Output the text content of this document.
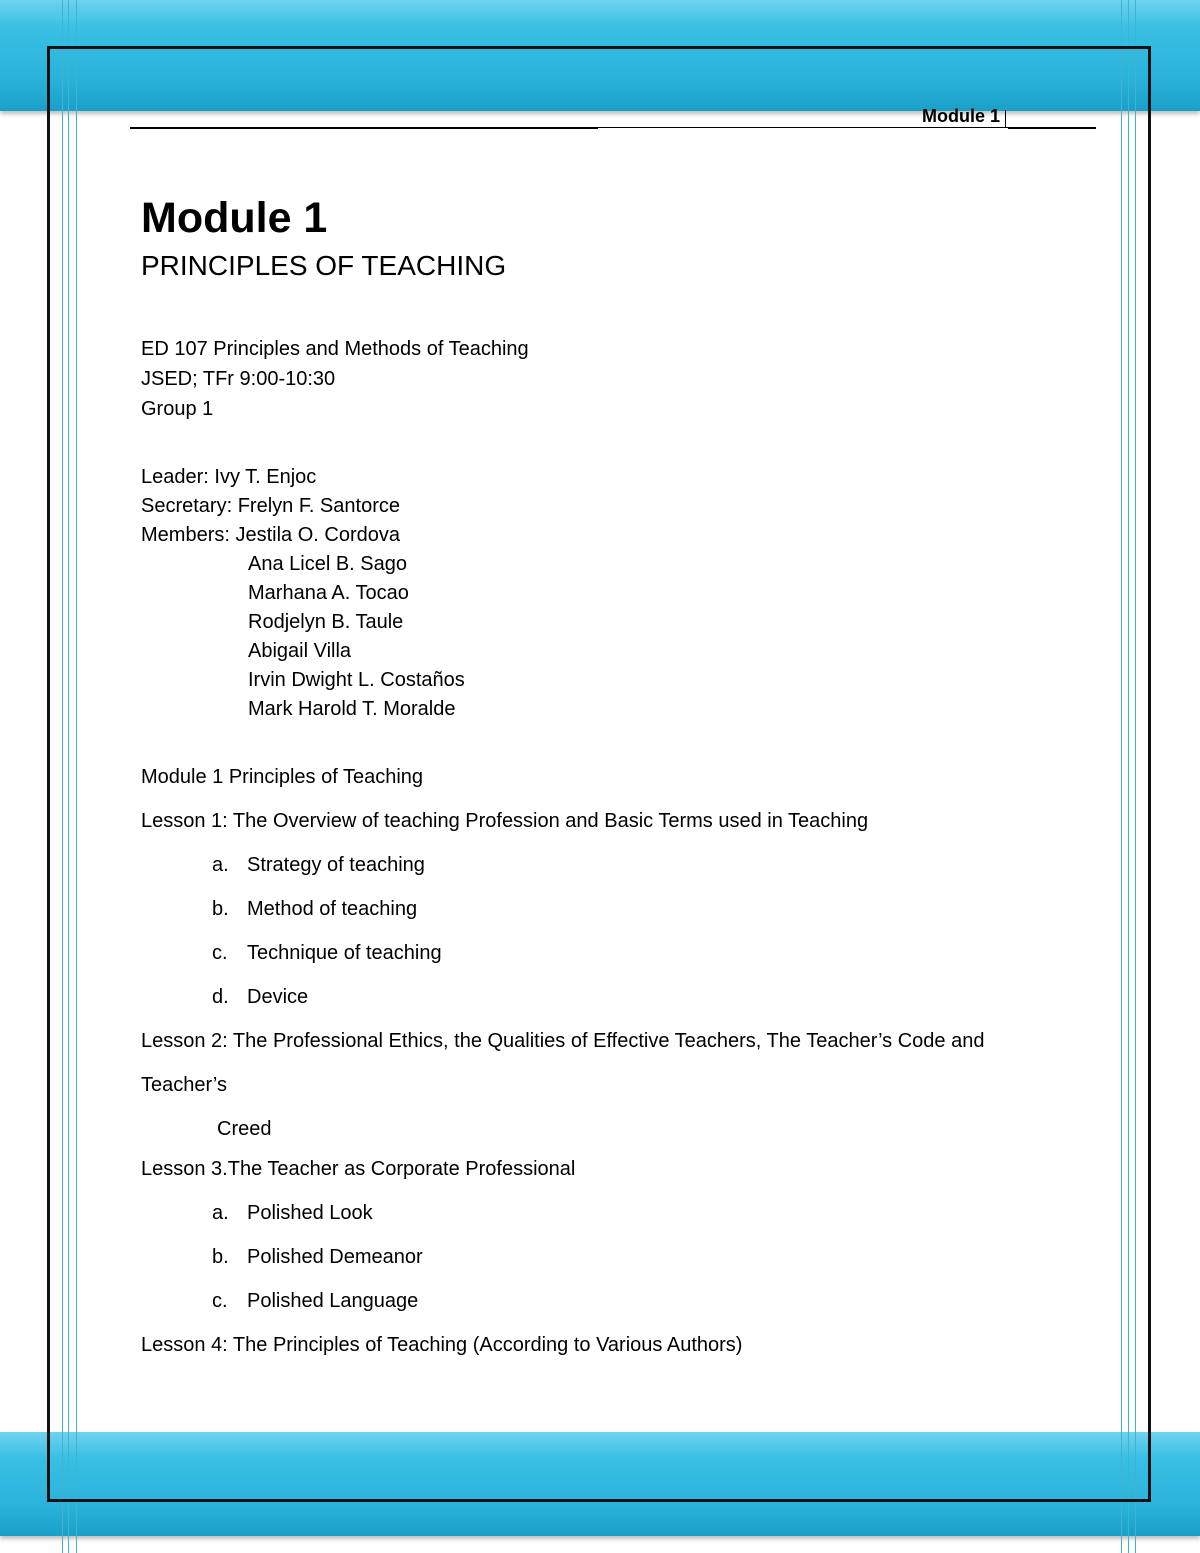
Module 1
Module 1
PRINCIPLES OF TEACHING
ED 107 Principles and Methods of Teaching
JSED; TFr 9:00-10:30
Group 1
Leader: Ivy T. Enjoc
Secretary: Frelyn F. Santorce
Members: Jestila O. Cordova
Ana Licel B. Sago
Marhana A. Tocao
Rodjelyn B. Taule
Abigail Villa
Irvin Dwight L. Costaños
Mark Harold T. Moralde
Module 1 Principles of Teaching
Lesson 1: The Overview of teaching Profession and Basic Terms used in Teaching
a. Strategy of teaching
b. Method of teaching
c. Technique of teaching
d. Device
Lesson 2: The Professional Ethics, the Qualities of Effective Teachers, The Teacher’s Code and
Teacher’s
Creed
Lesson 3.The Teacher as Corporate Professional
a. Polished Look
b. Polished Demeanor
c. Polished Language
Lesson 4: The Principles of Teaching (According to Various Authors)
